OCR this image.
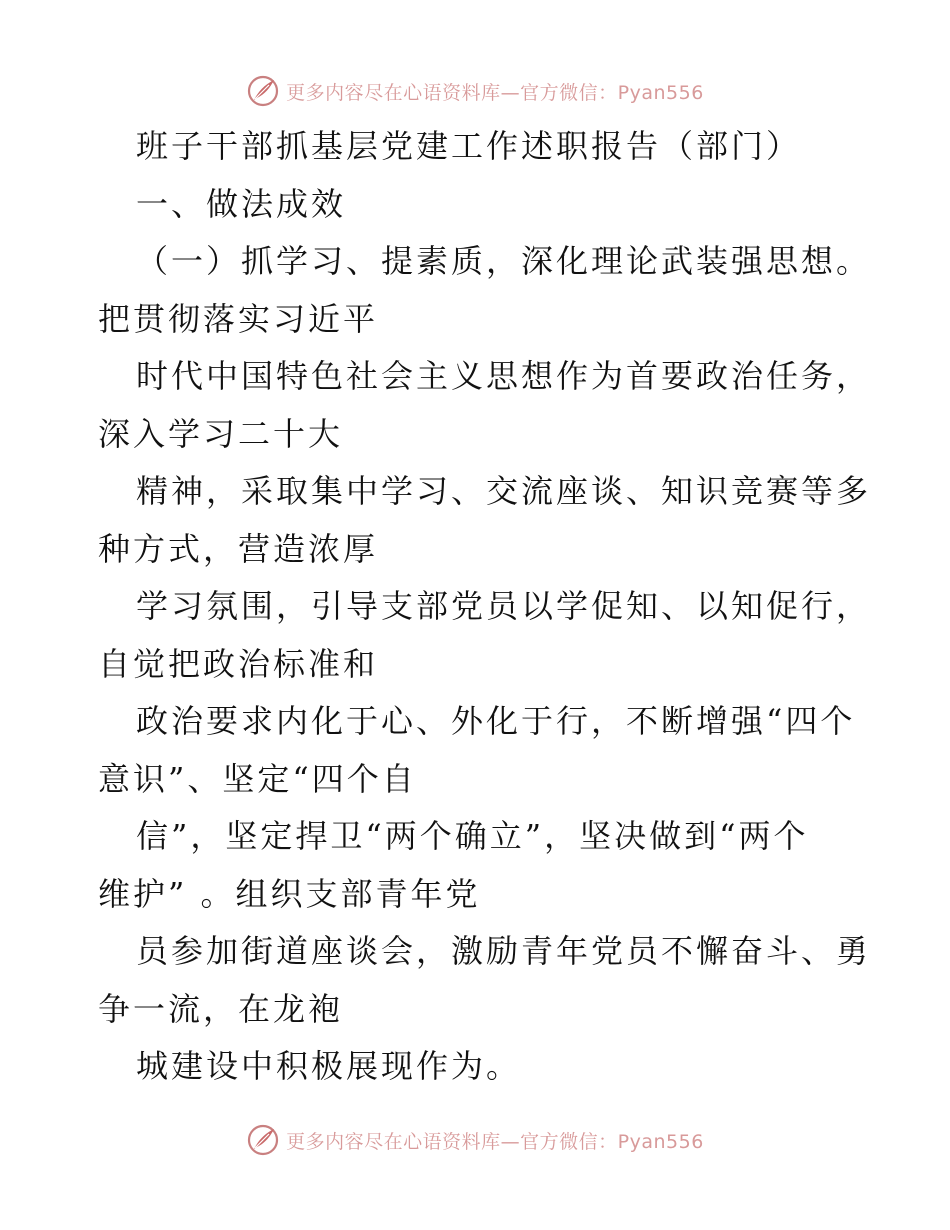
更多内容尽在心语资料库—官方微信：Pyan556
班子干部抓基层党建工作述职报告（部门）
一、做法成效
（一）抓学习、提素质，深化理论武装强思想。
把贯彻落实习近平
时代中国特色社会主义思想作为首要政治任务，
深入学习二十大
精神，采取集中学习、交流座谈、知识竞赛等多
种方式，营造浓厚
学习氛围，引导支部党员以学促知、以知促行，
自觉把政治标准和
政治要求内化于心、外化于行，不断增强“四个
意识”、坚定“四个自
信”，坚定捍卫“两个确立”，坚决做到“两个
维护” 。组织支部青年党
员参加街道座谈会，激励青年党员不懈奋斗、勇
争一流，在龙袍
城建设中积极展现作为。
更多内容尽在心语资料库—官方微信：Pyan556
